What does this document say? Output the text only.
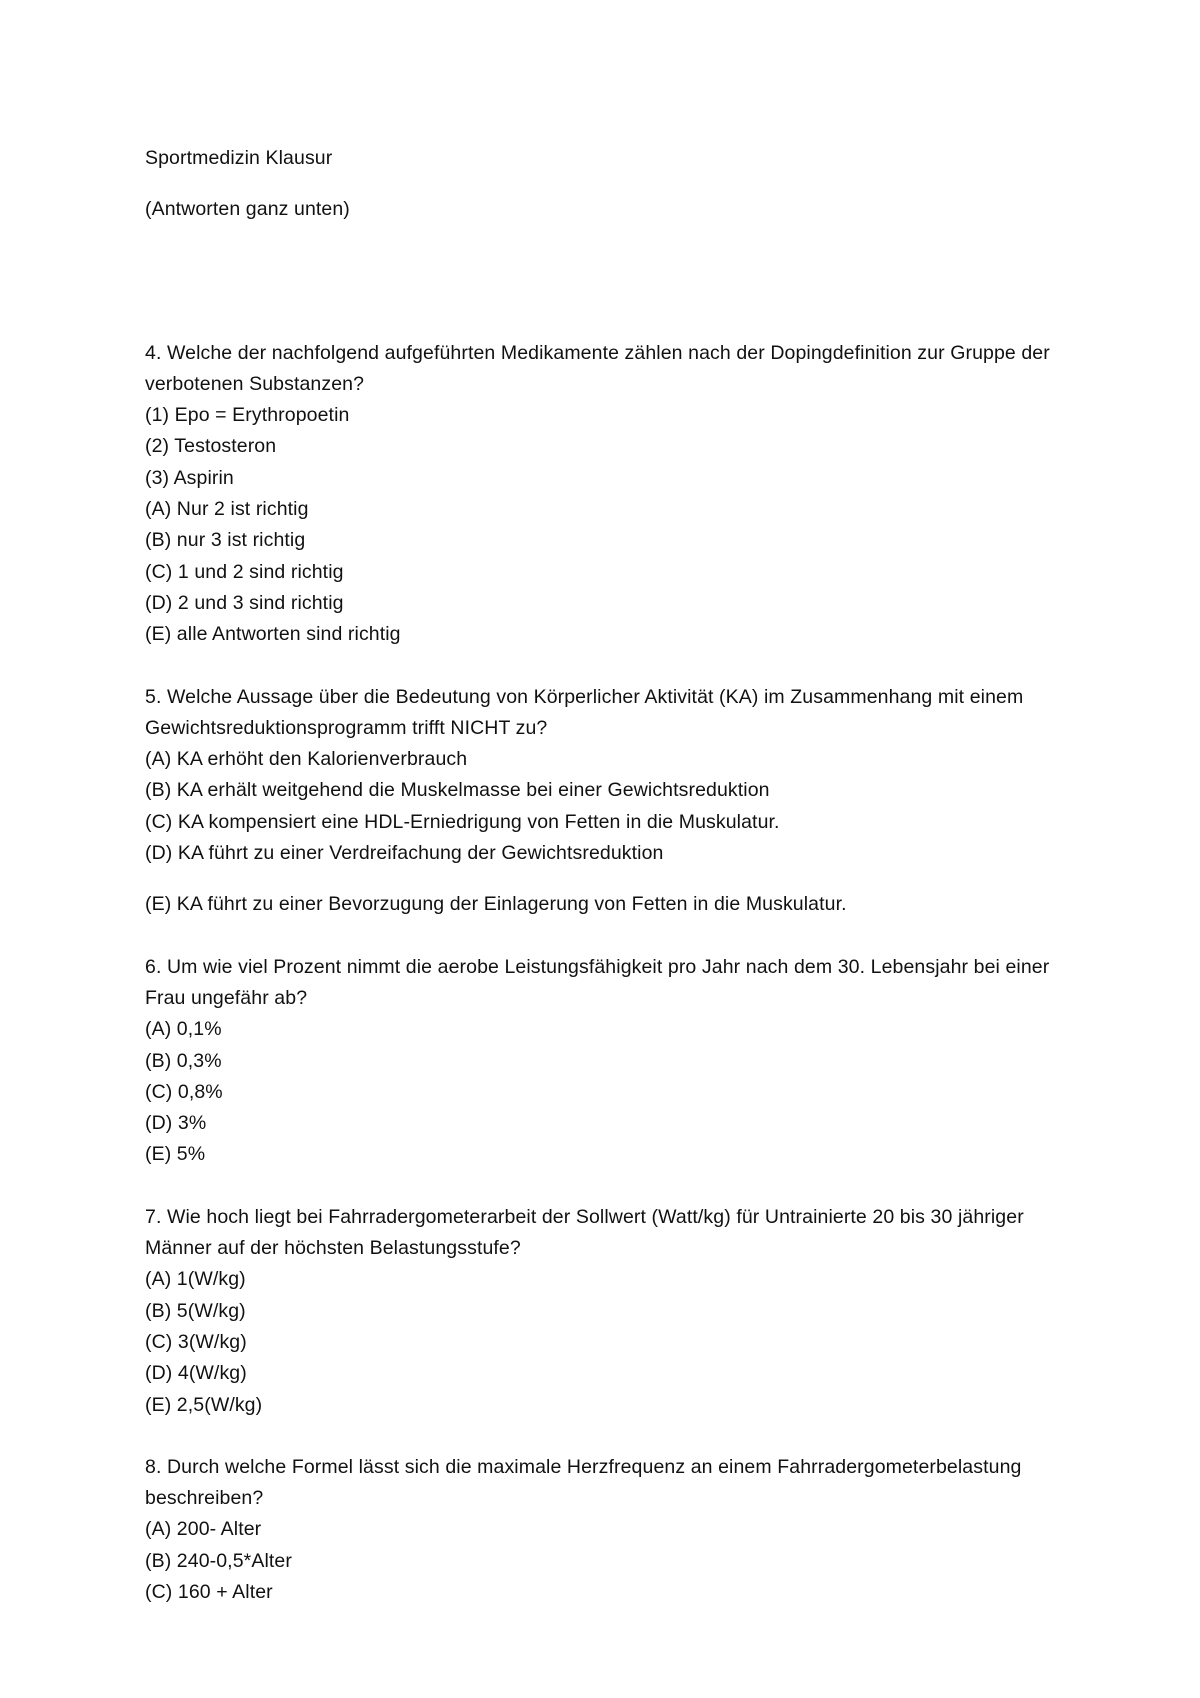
Sportmedizin Klausur

(Antworten ganz unten)

4. Welche der nachfolgend aufgeführten Medikamente zählen nach der Dopingdefinition zur Gruppe der verbotenen Substanzen?

(1) Epo = Erythropoetin

(2) Testosteron

(3) Aspirin

(A) Nur 2 ist richtig

(B) nur 3 ist richtig

(C) 1 und 2 sind richtig

(D) 2 und 3 sind richtig

(E) alle Antworten sind richtig

5. Welche Aussage über die Bedeutung von Körperlicher Aktivität (KA) im Zusammenhang mit einem Gewichtsreduktionsprogramm trifft NICHT zu?

(A) KA erhöht den Kalorienverbrauch

(B) KA erhält weitgehend die Muskelmasse bei einer Gewichtsreduktion

(C) KA kompensiert eine HDL-Erniedrigung von Fetten in die Muskulatur.

(D) KA führt zu einer Verdreifachung der Gewichtsreduktion

(E) KA führt zu einer Bevorzugung der Einlagerung von Fetten in die Muskulatur.

6. Um wie viel Prozent nimmt die aerobe Leistungsfähigkeit pro Jahr nach dem 30. Lebensjahr bei einer Frau ungefähr ab?

(A) 0,1%

(B) 0,3%

(C) 0,8%

(D) 3%

(E) 5%

7. Wie hoch liegt bei Fahrradergometerarbeit der Sollwert (Watt/kg) für Untrainierte 20 bis 30 jähriger Männer auf der höchsten Belastungsstufe?

(A) 1(W/kg)

(B) 5(W/kg)

(C) 3(W/kg)

(D) 4(W/kg)

(E) 2,5(W/kg)

8. Durch welche Formel lässt sich die maximale Herzfrequenz an einem Fahrradergometerbelastung beschreiben?

(A) 200- Alter

(B) 240-0,5*Alter

(C) 160 + Alter
